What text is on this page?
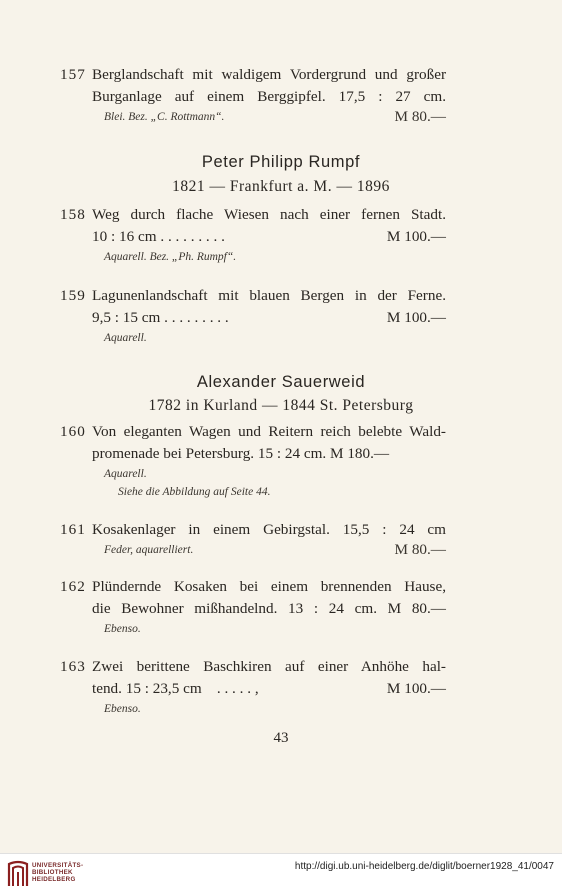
157 Berglandschaft mit waldigem Vordergrund und großer
Burganlage auf einem Berggipfel. 17,5 : 27 cm.
Blei. Bez. „C. Rottmann“.	M 80.—
Peter Philipp Rumpf
1821 — Frankfurt a. M. — 1896
158 Weg durch flache Wiesen nach einer fernen Stadt.
10 : 16 cm . . . . . . . . .	M 100.—
Aquarell. Bez. „Ph. Rumpf“.
159 Lagunenlandschaft mit blauen Bergen in der Ferne.
9,5 : 15 cm . . . . . . . . .	M 100.—
Aquarell.
Alexander Sauerweid
1782 in Kurland — 1844 St. Petersburg
160 Von eleganten Wagen und Reitern reich belebte Wald-
promenade bei Petersburg. 15 : 24 cm. M 180.—
Aquarell.
Siehe die Abbildung auf Seite 44.
161 Kosakenlager in einem Gebirgstal. 15,5 : 24 cm
Feder, aquarelliert.	M 80.—
162 Plündernde Kosaken bei einem brennenden Hause,
die Bewohner mißhandelnd. 13 : 24 cm. M 80.—
Ebenso.
163 Zwei berittene Baschkiren auf einer Anhöhe hal-
tend. 15 : 23,5 cm . . . . . ,	M 100.—
Ebenso.
43
UNIVERSITÄTS-
BIBLIOTHEK
HEIDELBERG
http://digi.ub.uni-heidelberg.de/diglit/boerner1928_41/0047
